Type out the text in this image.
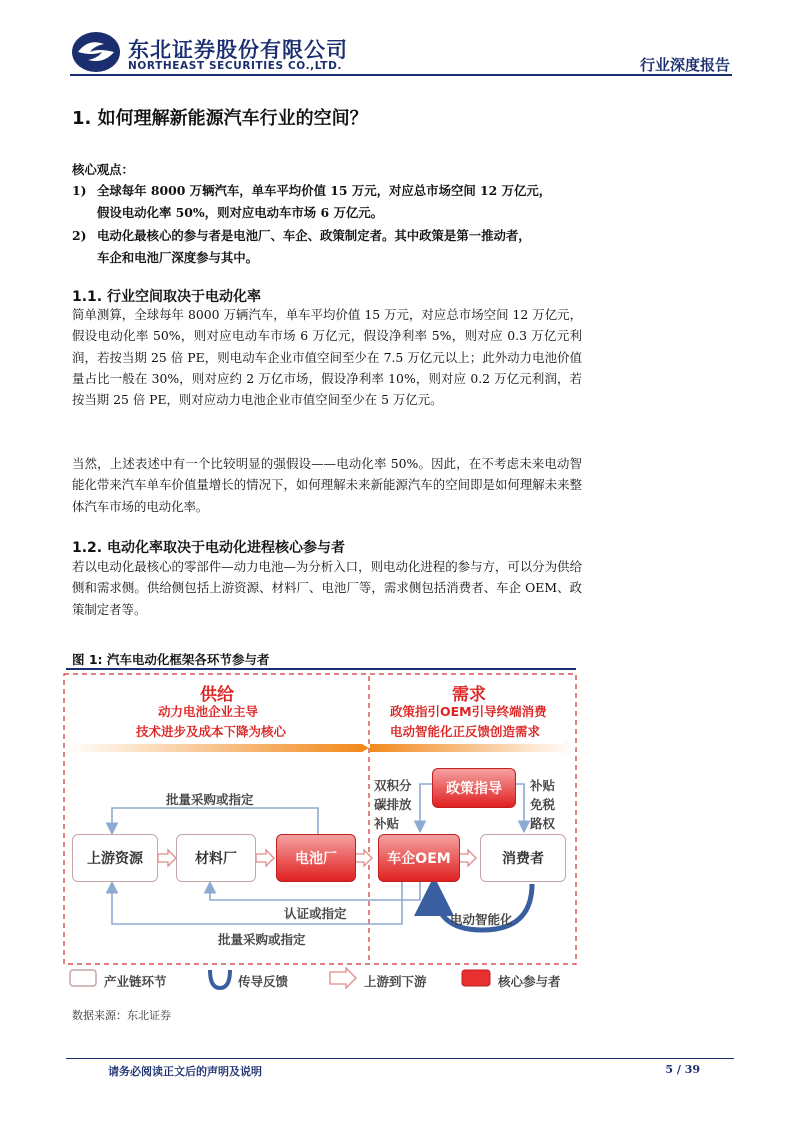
东北证券股份有限公司
NORTHEAST SECURITIES CO.,LTD.	行业深度报告
1. 如何理解新能源汽车行业的空间？
核心观点：
1) 全球每年 8000 万辆汽车，单车平均价值 15 万元，对应总市场空间 12 万亿元，
假设电动化率 50%，则对应电动车市场 6 万亿元。
2) 电动化最核心的参与者是电池厂、车企、政策制定者。其中政策是第一推动者，
车企和电池厂深度参与其中。
1.1. 行业空间取决于电动化率
简单测算，全球每年 8000 万辆汽车，单车平均价值 15 万元，对应总市场空间 12 万亿元，假设电动化率 50%，则对应电动车市场 6 万亿元，假设净利率 5%，则对应 0.3 万亿元利润，若按当期 25 倍 PE，则电动车企业市值空间至少在 7.5 万亿元以上；此外动力电池价值量占比一般在 30%，则对应约 2 万亿市场，假设净利率 10%，则对应 0.2 万亿元利润，若按当期 25 倍 PE，则对应动力电池企业市值空间至少在 5 万亿元。
当然，上述表述中有一个比较明显的强假设——电动化率 50%。因此，在不考虑未来电动智能化带来汽车单车价值量增长的情况下，如何理解未来新能源汽车的空间即是如何理解未来整体汽车市场的电动化率。
1.2. 电动化率取决于电动化进程核心参与者
若以电动化最核心的零部件—动力电池—为分析入口，则电动化进程的参与方，可以分为供给侧和需求侧。供给侧包括上游资源、材料厂、电池厂等，需求侧包括消费者、车企 OEM、政策制定者等。
图 1: 汽车电动化框架各环节参与者
供给
动力电池企业主导
技术进步及成本下降为核心
需求
政策指引OEM引导终端消费
电动智能化正反馈创造需求
批量采购或指定
认证或指定
批量采购或指定
双积分
碳排放
补贴
补贴
免税
路权
电动智能化
上游资源	材料厂	电池厂	车企OEM	消费者
政策指导
产业链环节	传导反馈	上游到下游	核心参与者
数据来源：东北证券
请务必阅读正文后的声明及说明	5 / 39
